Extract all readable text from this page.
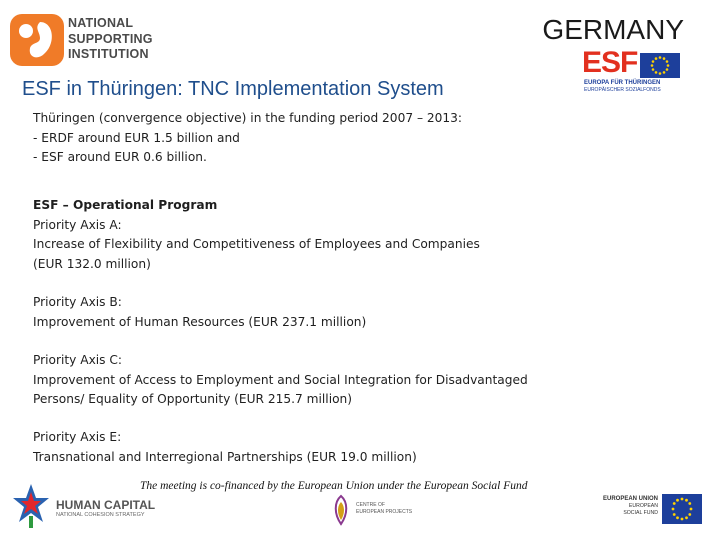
NATIONAL
SUPPORTING
INSTITUTION
GERMANY
ESF
EUROPA FÜR THÜRINGEN
EUROPÄISCHER SOZIALFONDS
ESF in Thüringen: TNC Implementation System
Thüringen (convergence objective) in the funding period 2007 – 2013:
- ERDF around EUR 1.5 billion and
- ESF around EUR 0.6 billion.
ESF – Operational Program
Priority Axis A:
Increase of Flexibility and Competitiveness of Employees and Companies
(EUR 132.0 million)
Priority Axis B:
Improvement of Human Resources (EUR 237.1 million)
Priority Axis C:
Improvement of Access to Employment and Social Integration for Disadvantaged
Persons/ Equality of Opportunity (EUR 215.7 million)
Priority Axis E:
Transnational and Interregional Partnerships (EUR 19.0 million)
The meeting is co-financed by the European Union under the European Social Fund
HUMAN CAPITAL
NATIONAL COHESION STRATEGY
CENTRE OF
EUROPEAN PROJECTS
EUROPEAN UNION
EUROPEAN
SOCIAL FUND
